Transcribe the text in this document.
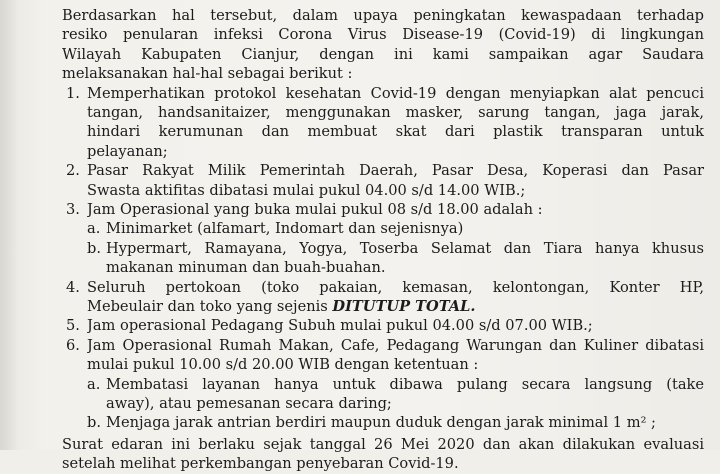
Berdasarkan hal tersebut, dalam upaya peningkatan kewaspadaan terhadap
resiko penularan infeksi Corona Virus Disease-19 (Covid-19) di lingkungan
Wilayah Kabupaten Cianjur, dengan ini kami sampaikan agar Saudara
melaksanakan hal-hal sebagai berikut :
1. Memperhatikan protokol kesehatan Covid-19 dengan menyiapkan alat pencuci
tangan, handsanitaizer, menggunakan masker, sarung tangan, jaga jarak,
hindari kerumunan dan membuat skat dari plastik transparan untuk
pelayanan;
2. Pasar Rakyat Milik Pemerintah Daerah, Pasar Desa, Koperasi dan Pasar
Swasta aktifitas dibatasi mulai pukul 04.00 s/d 14.00 WIB.;
3. Jam Operasional yang buka mulai pukul 08 s/d 18.00 adalah :
a. Minimarket (alfamart, Indomart dan sejenisnya)
b. Hypermart, Ramayana, Yogya, Toserba Selamat dan Tiara hanya khusus
makanan minuman dan buah-buahan.
4. Seluruh pertokoan (toko pakaian, kemasan, kelontongan, Konter HP,
Mebeulair dan toko yang sejenis DITUTUP TOTAL.
5. Jam operasional Pedagang Subuh mulai pukul 04.00 s/d 07.00 WIB.;
6. Jam Operasional Rumah Makan, Cafe, Pedagang Warungan dan Kuliner dibatasi
mulai pukul 10.00 s/d 20.00 WIB dengan ketentuan :
a. Membatasi layanan hanya untuk dibawa pulang secara langsung (take
away), atau pemesanan secara daring;
b. Menjaga jarak antrian berdiri maupun duduk dengan jarak minimal 1 m² ;
Surat edaran ini berlaku sejak tanggal 26 Mei 2020 dan akan dilakukan evaluasi
setelah melihat perkembangan penyebaran Covid-19.
